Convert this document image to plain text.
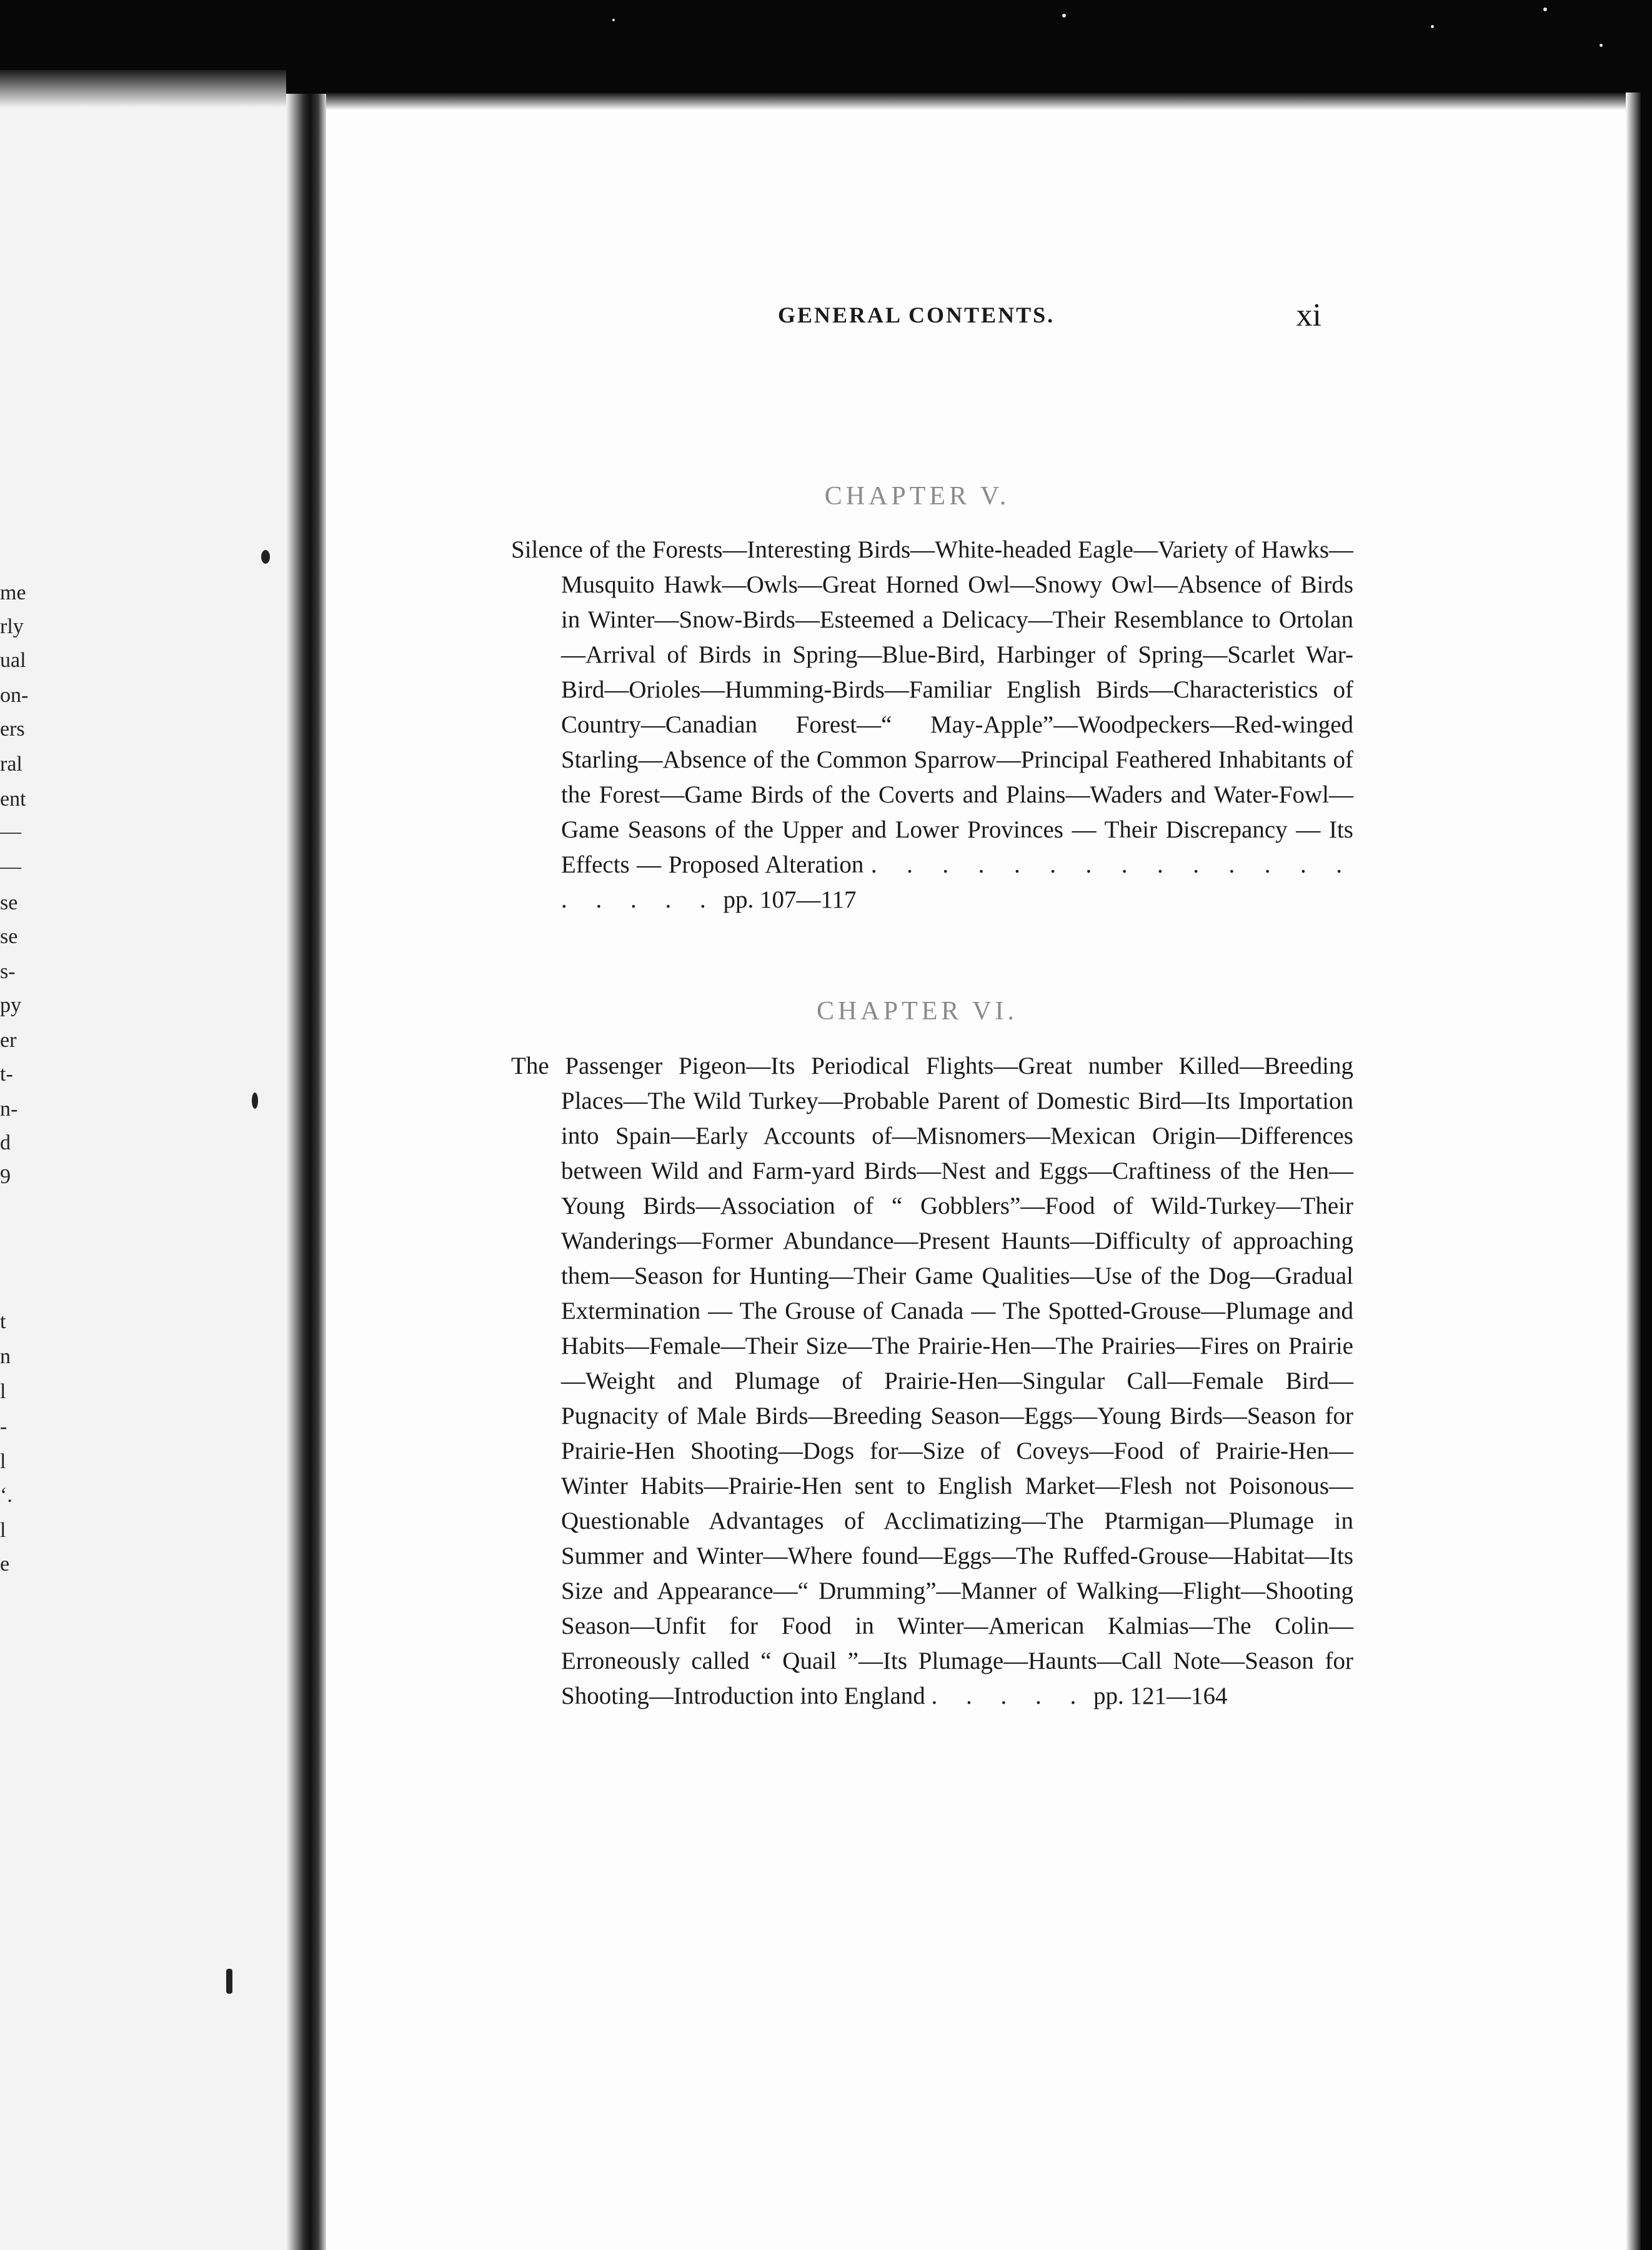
me
rly
ual
on-
ers
ral
ent
—
—
se
se
s-
py
er
t-
n-
d
9
t
n
l
-
l
ʻ.
l
e
GENERAL CONTENTS.	xi
CHAPTER V.
Silence of the Forests—Interesting Birds—White-headed Eagle—Variety of Hawks—Musquito Hawk—Owls—Great Horned Owl—Snowy Owl—Absence of Birds in Winter—Snow-Birds—Esteemed a Delicacy—Their Resemblance to Ortolan—Arrival of Birds in Spring—Blue-Bird, Harbinger of Spring—Scarlet War-Bird—Orioles—Humming-Birds—Familiar English Birds—Characteristics of Country—Canadian Forest—“ May-Apple”—Woodpeckers—Red-winged Starling—Absence of the Common Sparrow—Principal Feathered Inhabitants of the Forest—Game Birds of the Coverts and Plains—Waders and Water-Fowl—Game Seasons of the Upper and Lower Provinces — Their Discrepancy — Its Effects — Proposed Alteration . . . . . . . . . . . . . . . . . . . pp. 107—117
CHAPTER VI.
The Passenger Pigeon—Its Periodical Flights—Great number Killed—Breeding Places—The Wild Turkey—Probable Parent of Domestic Bird—Its Importation into Spain—Early Accounts of—Misnomers—Mexican Origin—Differences between Wild and Farm-yard Birds—Nest and Eggs—Craftiness of the Hen—Young Birds—Association of “ Gobblers”—Food of Wild-Turkey—Their Wanderings—Former Abundance—Present Haunts—Difficulty of approaching them—Season for Hunting—Their Game Qualities—Use of the Dog—Gradual Extermination — The Grouse of Canada — The Spotted-Grouse—Plumage and Habits—Female—Their Size—The Prairie-Hen—The Prairies—Fires on Prairie—Weight and Plumage of Prairie-Hen—Singular Call—Female Bird—Pugnacity of Male Birds—Breeding Season—Eggs—Young Birds—Season for Prairie-Hen Shooting—Dogs for—Size of Coveys—Food of Prairie-Hen—Winter Habits—Prairie-Hen sent to English Market—Flesh not Poisonous—Questionable Advantages of Acclimatizing—The Ptarmigan—Plumage in Summer and Winter—Where found—Eggs—The Ruffed-Grouse—Habitat—Its Size and Appearance—“ Drumming”—Manner of Walking—Flight—Shooting Season—Unfit for Food in Winter—American Kalmias—The Colin—Erroneously called “ Quail ”—Its Plumage—Haunts—Call Note—Season for Shooting—Introduction into England . . . . . pp. 121—164
